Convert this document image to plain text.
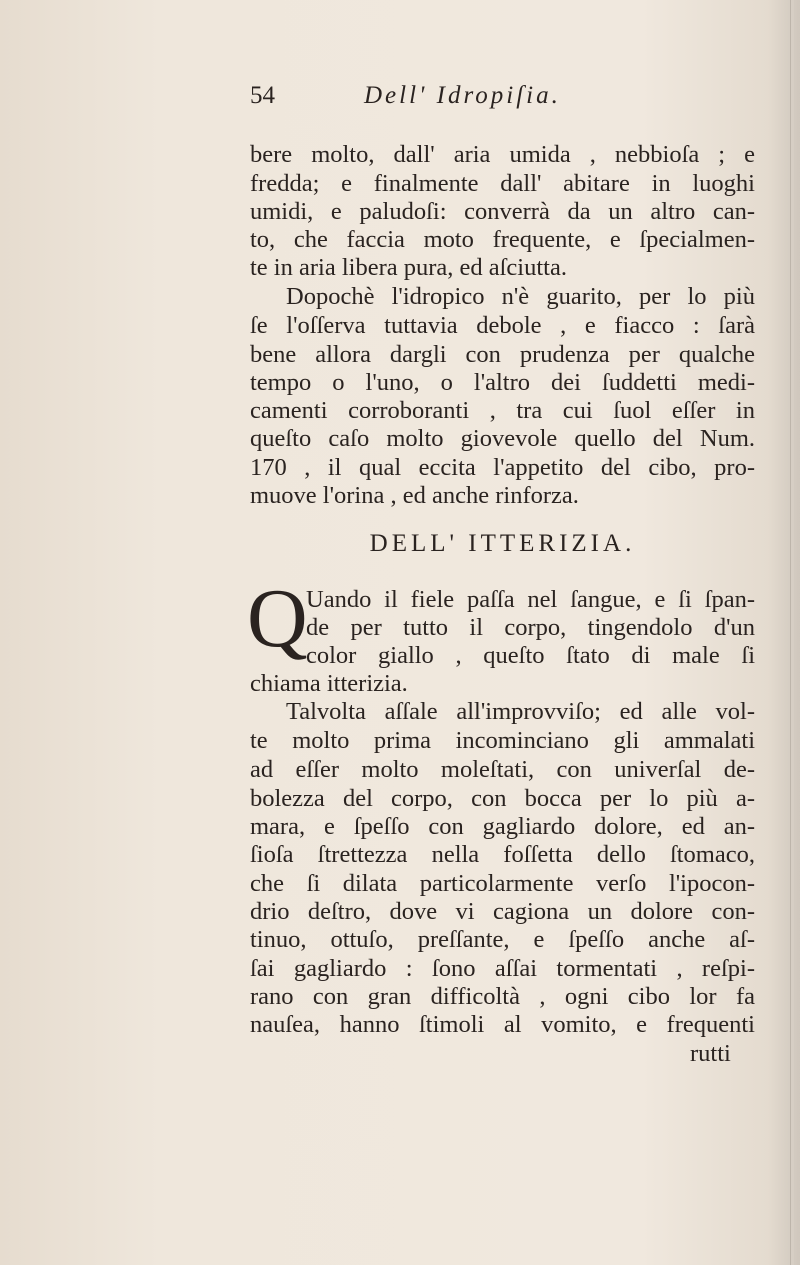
54	Dell' Idropiſia.
bere molto, dall' aria umida , nebbioſa ; e
fredda; e finalmente dall' abitare in luoghi
umidi, e paludoſi: converrà da un altro can-
to, che faccia moto frequente, e ſpecialmen-
te in aria libera pura, ed aſciutta.
Dopochè l'idropico n'è guarito, per lo più
ſe l'oſſerva tuttavia debole , e fiacco : ſarà
bene allora dargli con prudenza per qualche
tempo o l'uno, o l'altro dei ſuddetti medi-
camenti corroboranti , tra cui ſuol eſſer in
queſto caſo molto giovevole quello del Num.
170 , il qual eccita l'appetito del cibo, pro-
muove l'orina , ed anche rinforza.
DELL' ITTERIZIA.
Q
Uando il fiele paſſa nel ſangue, e ſi ſpan-
de per tutto il corpo, tingendolo d'un
color giallo , queſto ſtato di male ſi
chiama itterizia.
Talvolta aſſale all'improvviſo; ed alle vol-
te molto prima incominciano gli ammalati
ad eſſer molto moleſtati, con univerſal de-
bolezza del corpo, con bocca per lo più a-
mara, e ſpeſſo con gagliardo dolore, ed an-
ſioſa ſtrettezza nella foſſetta dello ſtomaco,
che ſi dilata particolarmente verſo l'ipocon-
drio deſtro, dove vi cagiona un dolore con-
tinuo, ottuſo, preſſante, e ſpeſſo anche aſ-
ſai gagliardo : ſono aſſai tormentati , reſpi-
rano con gran difficoltà , ogni cibo lor fa
nauſea, hanno ſtimoli al vomito, e frequenti
rutti
